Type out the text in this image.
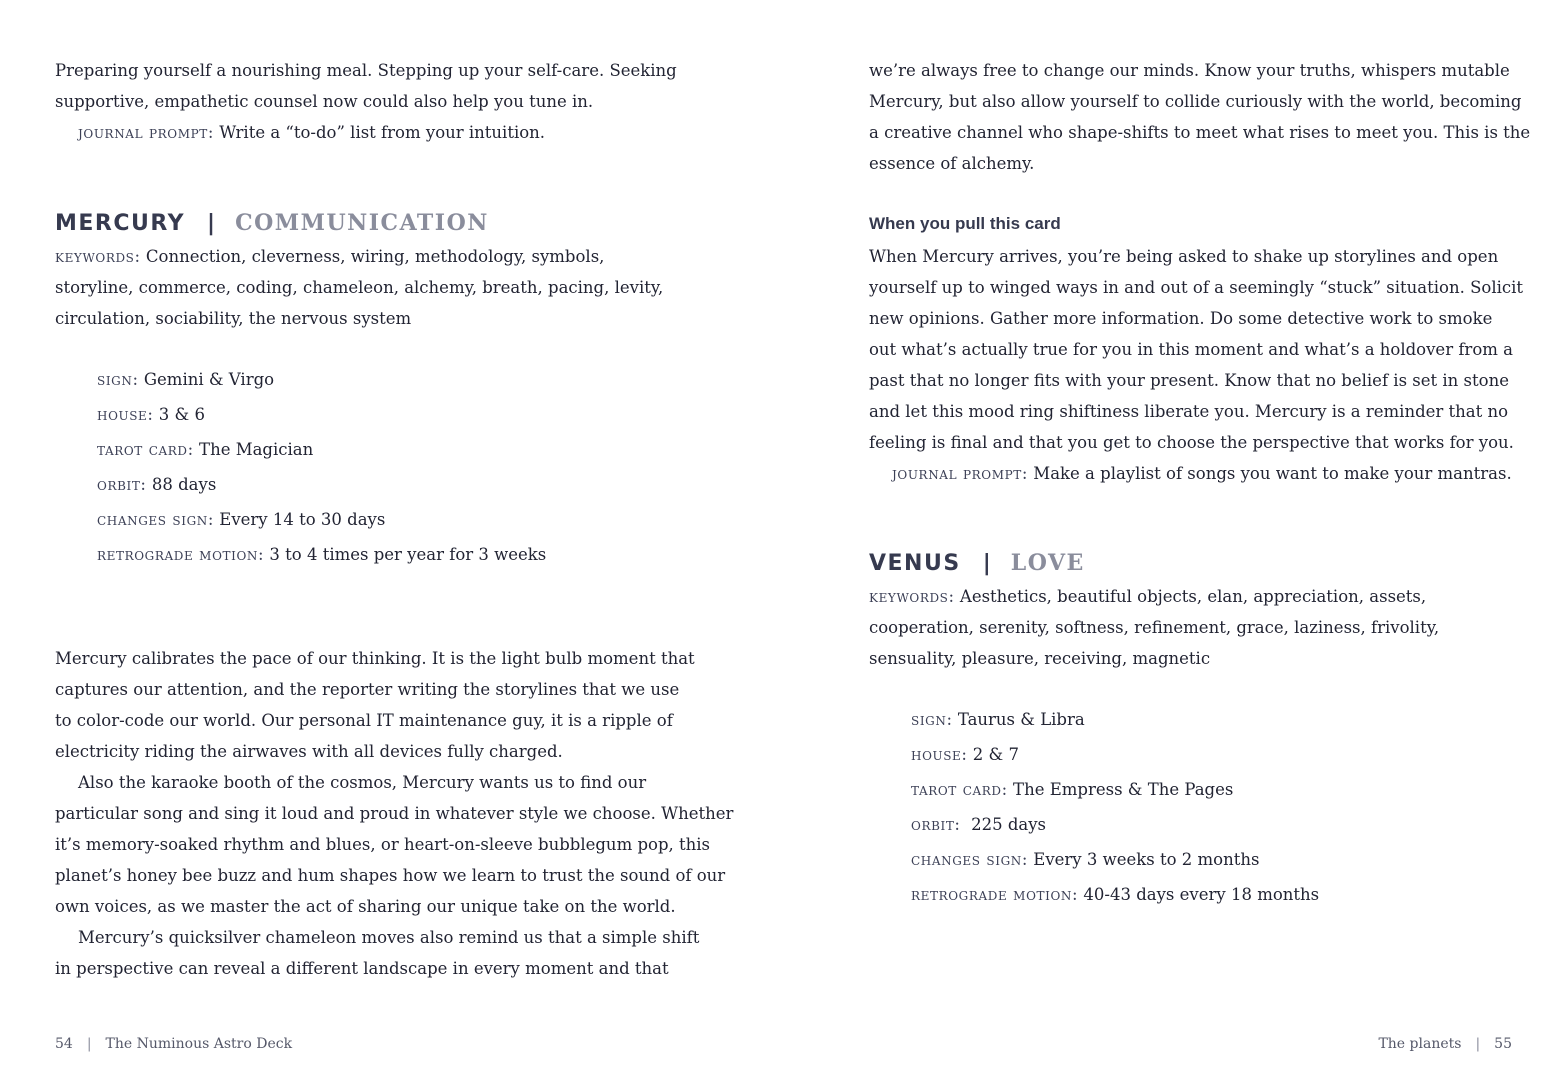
Preparing yourself a nourishing meal. Stepping up your self-care. Seeking
supportive, empathetic counsel now could also help you tune in.
journal prompt: Write a “to-do” list from your intuition.

MERCURY | COMMUNICATION

keywords: Connection, cleverness, wiring, methodology, symbols,
storyline, commerce, coding, chameleon, alchemy, breath, pacing, levity,
circulation, sociability, the nervous system

sign: Gemini & Virgo
house: 3 & 6
tarot card: The Magician
orbit: 88 days
changes sign: Every 14 to 30 days
retrograde motion: 3 to 4 times per year for 3 weeks

Mercury calibrates the pace of our thinking. It is the light bulb moment that
captures our attention, and the reporter writing the storylines that we use
to color-code our world. Our personal IT maintenance guy, it is a ripple of
electricity riding the airwaves with all devices fully charged.
Also the karaoke booth of the cosmos, Mercury wants us to find our
particular song and sing it loud and proud in whatever style we choose. Whether
it’s memory-soaked rhythm and blues, or heart-on-sleeve bubblegum pop, this
planet’s honey bee buzz and hum shapes how we learn to trust the sound of our
own voices, as we master the act of sharing our unique take on the world.
Mercury’s quicksilver chameleon moves also remind us that a simple shift
in perspective can reveal a different landscape in every moment and that

54 | The Numinous Astro Deck

we’re always free to change our minds. Know your truths, whispers mutable
Mercury, but also allow yourself to collide curiously with the world, becoming
a creative channel who shape-shifts to meet what rises to meet you. This is the
essence of alchemy.

When you pull this card

When Mercury arrives, you’re being asked to shake up storylines and open
yourself up to winged ways in and out of a seemingly “stuck” situation. Solicit
new opinions. Gather more information. Do some detective work to smoke
out what’s actually true for you in this moment and what’s a holdover from a
past that no longer fits with your present. Know that no belief is set in stone
and let this mood ring shiftiness liberate you. Mercury is a reminder that no
feeling is final and that you get to choose the perspective that works for you.
journal prompt: Make a playlist of songs you want to make your mantras.

VENUS | LOVE

keywords: Aesthetics, beautiful objects, elan, appreciation, assets,
cooperation, serenity, softness, refinement, grace, laziness, frivolity,
sensuality, pleasure, receiving, magnetic

sign: Taurus & Libra
house: 2 & 7
tarot card: The Empress & The Pages
orbit:  225 days
changes sign: Every 3 weeks to 2 months
retrograde motion: 40-43 days every 18 months
The planets | 55
